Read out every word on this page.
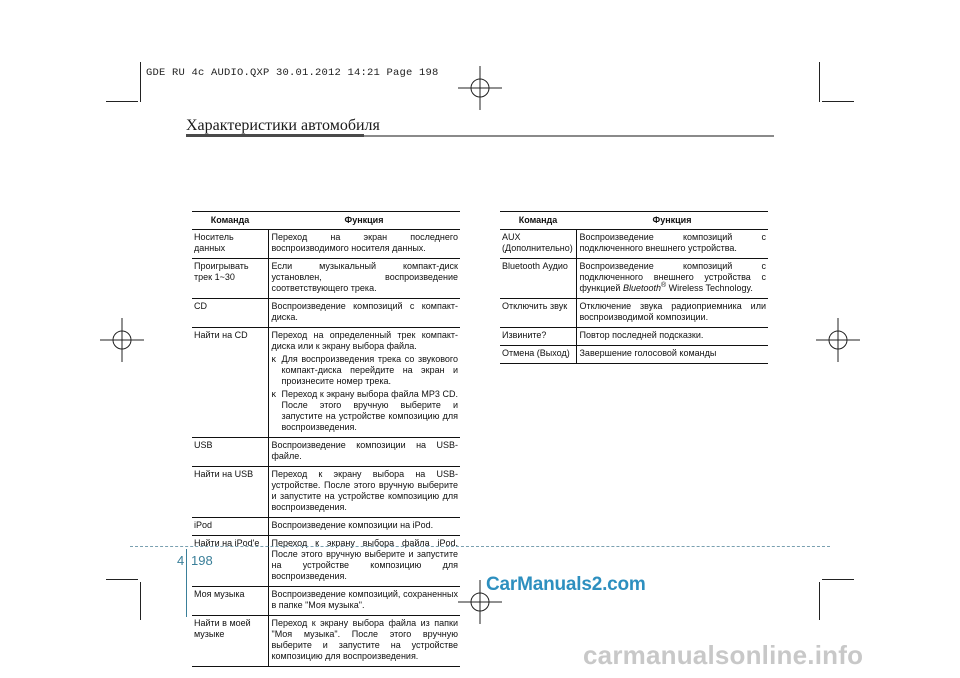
GDE RU 4c AUDIO.QXP 30.01.2012 14:21 Page 198
Характеристики автомобиля
Команда	Функция
Носитель данных	Переход на экран последнего воспроизводимого носителя данных.
Проигрывать трек 1~30	Если музыкальный компакт-диск установлен, воспроизведение соответствующего трека.
CD	Воспроизведение композиций с компакт-диска.
Найти на CD	Переход на определенный трек компакт-диска или к экрану выбора файла.
ĸ Для воспроизведения трека со звукового компакт-диска перейдите на экран и произнесите номер трека.
ĸ Переход к экрану выбора файла MP3 CD. После этого вручную выберите и запустите на устройстве композицию для воспроизведения.

USB	Воспроизведение композиции на USB-файле.
Найти на USB	Переход к экрану выбора на USB-устройстве. После этого вручную выберите и запустите на устройстве композицию для воспроизведения.
iPod	Воспроизведение композиции на iPod.
Найти на iPod'е	Переход к экрану выбора файла iPod. После этого вручную выберите и запустите на устройстве композицию для воспроизведения.
Моя музыка	Воспроизведение композиций, сохраненных в папке "Моя музыка".
Найти в моей музыке	Переход к экрану выбора файла из папки "Моя музыка". После этого вручную выберите и запустите на устройстве композицию для воспроизведения.
Команда	Функция
AUX (Дополнительно)	Воспроизведение композиций с подключенного внешнего устройства.
Bluetooth Аудио	Воспроизведение композиций с подключенного внешнего устройства с функцией Bluetooth® Wireless Technology.
Отключить звук	Отключение звука радиоприемника или воспроизводимой композиции.
Извините?	Повтор последней подсказки.
Отмена (Выход)	Завершение голосовой команды
4 198
CarManuals2.com
carmanualsonline.info
